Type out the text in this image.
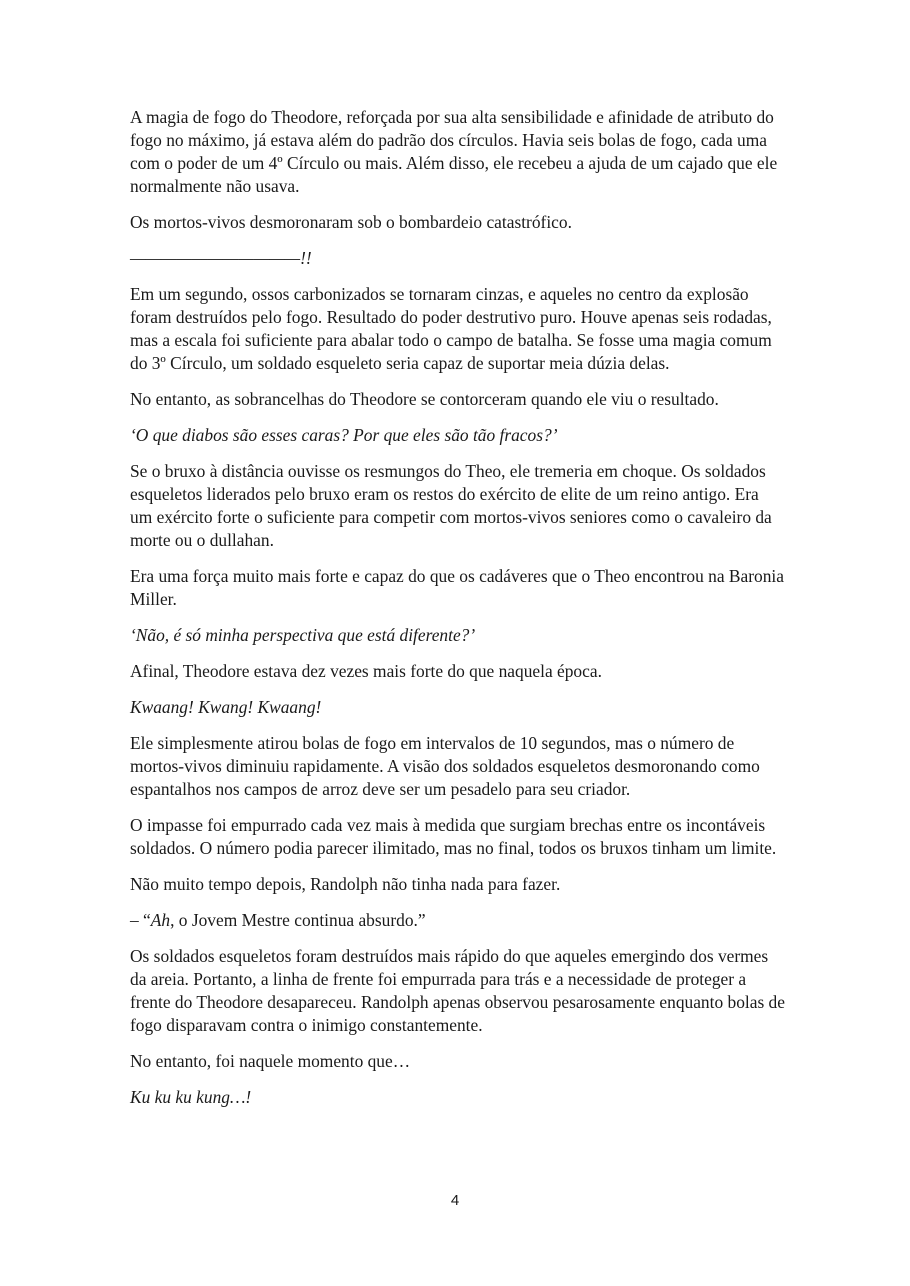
A magia de fogo do Theodore, reforçada por sua alta sensibilidade e afinidade de atributo do fogo no máximo, já estava além do padrão dos círculos. Havia seis bolas de fogo, cada uma com o poder de um 4º Círculo ou mais. Além disso, ele recebeu a ajuda de um cajado que ele normalmente não usava.

Os mortos-vivos desmoronaram sob o bombardeio catastrófico.

———————————!!

Em um segundo, ossos carbonizados se tornaram cinzas, e aqueles no centro da explosão foram destruídos pelo fogo. Resultado do poder destrutivo puro. Houve apenas seis rodadas, mas a escala foi suficiente para abalar todo o campo de batalha. Se fosse uma magia comum do 3º Círculo, um soldado esqueleto seria capaz de suportar meia dúzia delas.

No entanto, as sobrancelhas do Theodore se contorceram quando ele viu o resultado.

‘O que diabos são esses caras? Por que eles são tão fracos?’

Se o bruxo à distância ouvisse os resmungos do Theo, ele tremeria em choque. Os soldados esqueletos liderados pelo bruxo eram os restos do exército de elite de um reino antigo. Era um exército forte o suficiente para competir com mortos-vivos seniores como o cavaleiro da morte ou o dullahan.

Era uma força muito mais forte e capaz do que os cadáveres que o Theo encontrou na Baronia Miller.

‘Não, é só minha perspectiva que está diferente?’

Afinal, Theodore estava dez vezes mais forte do que naquela época.

Kwaang! Kwang! Kwaang!

Ele simplesmente atirou bolas de fogo em intervalos de 10 segundos, mas o número de mortos-vivos diminuiu rapidamente. A visão dos soldados esqueletos desmoronando como espantalhos nos campos de arroz deve ser um pesadelo para seu criador.

O impasse foi empurrado cada vez mais à medida que surgiam brechas entre os incontáveis soldados. O número podia parecer ilimitado, mas no final, todos os bruxos tinham um limite.

Não muito tempo depois, Randolph não tinha nada para fazer.

– “Ah, o Jovem Mestre continua absurdo.”

Os soldados esqueletos foram destruídos mais rápido do que aqueles emergindo dos vermes da areia. Portanto, a linha de frente foi empurrada para trás e a necessidade de proteger a frente do Theodore desapareceu. Randolph apenas observou pesarosamente enquanto bolas de fogo disparavam contra o inimigo constantemente.

No entanto, foi naquele momento que…

Ku ku ku kung…!

4
